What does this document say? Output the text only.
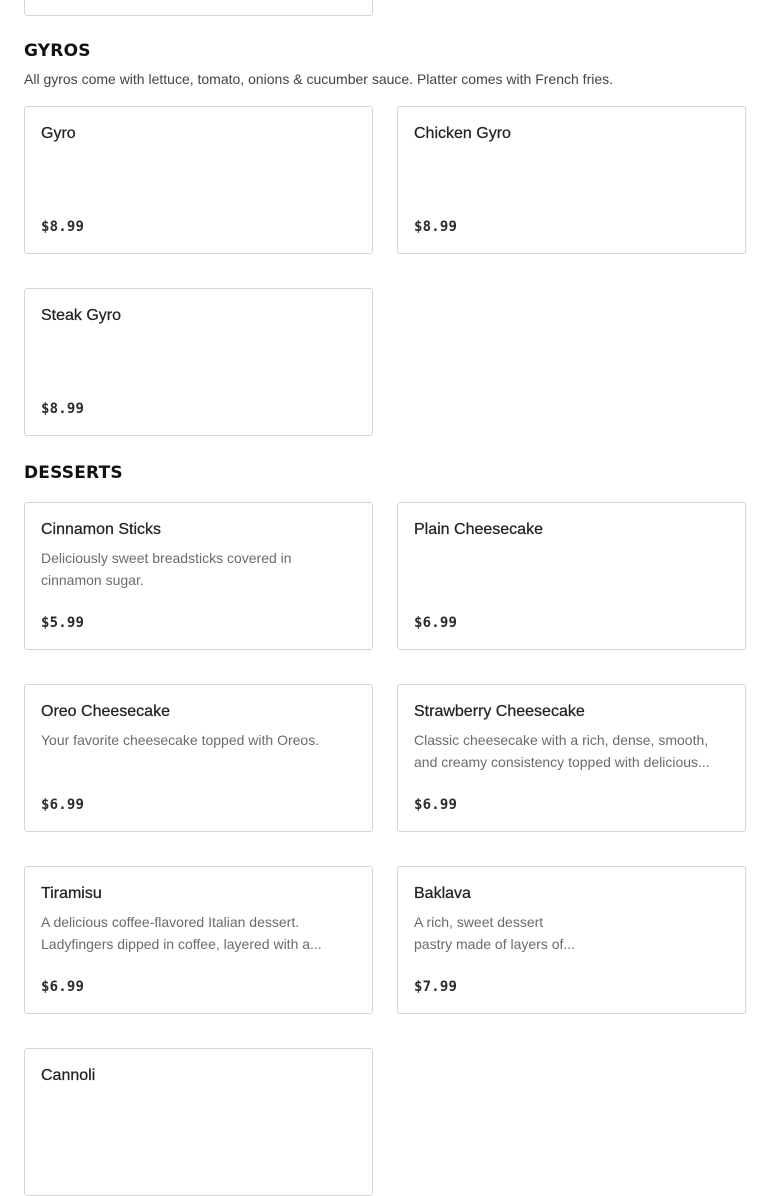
GYROS
All gyros come with lettuce, tomato, onions & cucumber sauce. Platter comes with French fries.
Gyro
$8.99
Chicken Gyro
$8.99
Steak Gyro
$8.99
DESSERTS
Cinnamon Sticks
Deliciously sweet breadsticks covered in cinnamon sugar.
$5.99
Plain Cheesecake
$6.99
Oreo Cheesecake
Your favorite cheesecake topped with Oreos.
$6.99
Strawberry Cheesecake
Classic cheesecake with a rich, dense, smooth, and creamy consistency topped with delicious...
$6.99
Tiramisu
A delicious coffee-flavored Italian dessert. Ladyfingers dipped in coffee, layered with a...
$6.99
Baklava
A rich, sweet dessert
pastry made of layers of...
$7.99
Cannoli
